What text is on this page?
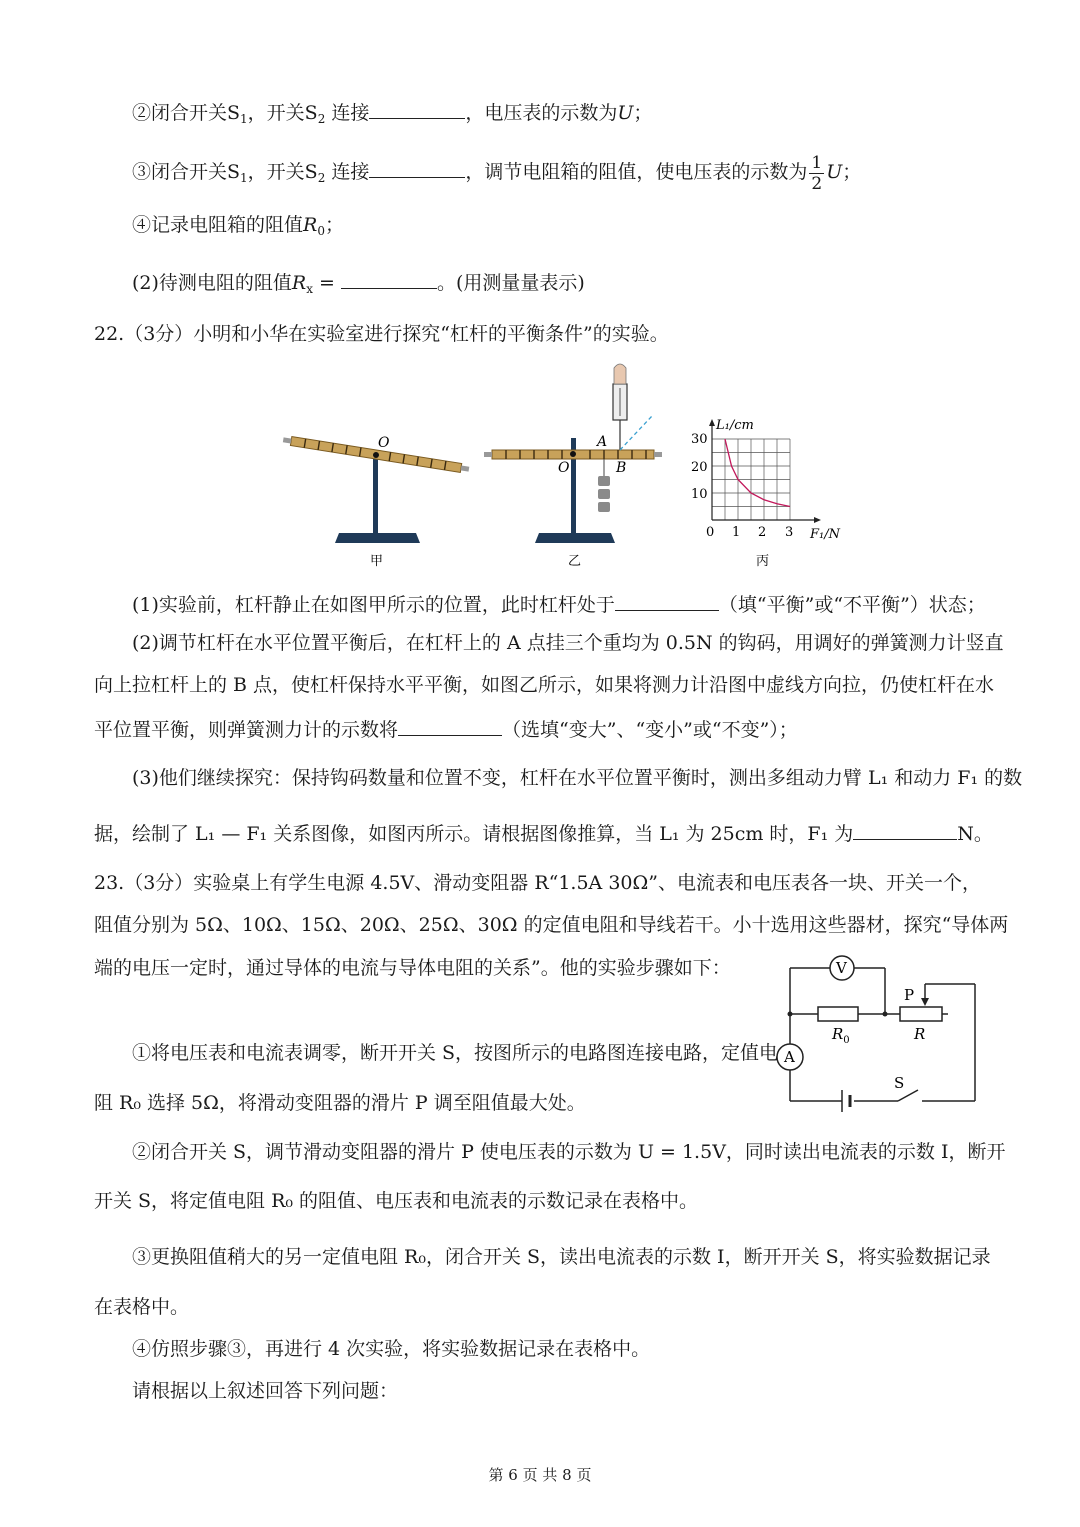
②闭合开关$S_1$，开关$S_2$ 连接	，电压表的示数为U；
③闭合开关$S_1$，开关$S_2$ 连接	，调节电阻箱的阻值，使电压表的示数为 $\frac{1}{2}$ U；
④记录电阻箱的阻值$R_0$；
(2)待测电阻的阻值$R_x$ =	。(用测量量表示)
22.（3分）小明和小华在实验室进行探究“杠杆的平衡条件”的实验。
O
甲
O
A
B
乙
L₁/cm
F₁/N
30
20
10
0 1 2 3
丙
(1)实验前，杠杆静止在如图甲所示的位置，此时杠杆处于	（填“平衡”或“不平衡”）状态；
(2)调节杠杆在水平位置平衡后，在杠杆上的 A 点挂三个重均为 0.5N 的钩码，用调好的弹簧测力计竖直
向上拉杠杆上的 B 点，使杠杆保持水平平衡，如图乙所示，如果将测力计沿图中虚线方向拉，仍使杠杆在水
平位置平衡，则弹簧测力计的示数将	（选填“变大”、“变小”或“不变”）；
(3)他们继续探究：保持钩码数量和位置不变，杠杆在水平位置平衡时，测出多组动力臂 L₁ 和动力 F₁ 的数
据，绘制了 L₁ — F₁ 关系图像，如图丙所示。请根据图像推算，当 L₁ 为 25cm 时，F₁ 为	N。
23.（3分）实验桌上有学生电源 4.5V、滑动变阻器 R“1.5A 30Ω”、电流表和电压表各一块、开关一个，
阻值分别为 5Ω、10Ω、15Ω、20Ω、25Ω、30Ω 的定值电阻和导线若干。小十选用这些器材，探究“导体两
端的电压一定时，通过导体的电流与导体电阻的关系”。他的实验步骤如下：	V
A
$R_0$	R
P
S
①将电压表和电流表调零，断开开关 S，按图所示的电路图连接电路，定值电
阻 R₀ 选择 5Ω，将滑动变阻器的滑片 P 调至阻值最大处。
②闭合开关 S，调节滑动变阻器的滑片 P 使电压表的示数为 U = 1.5V，同时读出电流表的示数 I，断开
开关 S，将定值电阻 R₀ 的阻值、电压表和电流表的示数记录在表格中。
③更换阻值稍大的另一定值电阻 R₀，闭合开关 S，读出电流表的示数 I，断开开关 S，将实验数据记录
在表格中。
④仿照步骤③，再进行 4 次实验，将实验数据记录在表格中。
请根据以上叙述回答下列问题：
第 6 页 共 8 页
